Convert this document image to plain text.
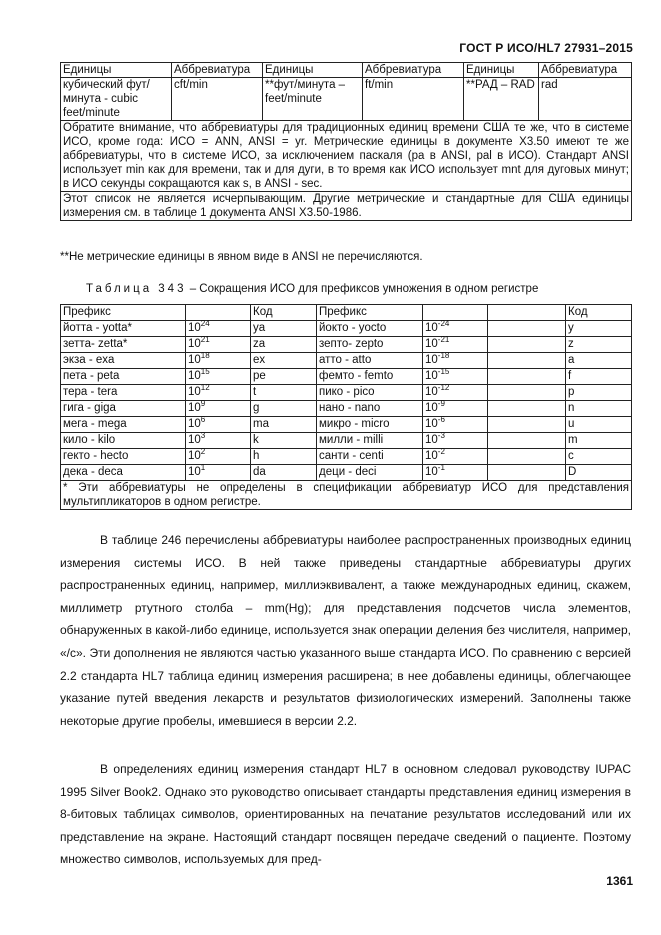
ГОСТ Р ИСО/HL7 27931–2015
Единицы	Аббревиатура	Единицы	Аббревиатура	Единицы	Аббревиатура
кубический фут/минута - cubic feet/minute	cft/min	**фут/минута – feet/minute	ft/min	**РАД – RAD	rad
Обратите внимание, что аббревиатуры для традиционных единиц времени США те же, что в системе ИСО, кроме года: ИСО = ANN, ANSI = yr. Метрические единицы в документе X3.50 имеют те же аббревиатуры, что в системе ИСО, за исключением паскаля (ра в ANSI, pal в ИСО). Стандарт ANSI использует min как для времени, так и для дуги, в то время как ИСО использует mnt для дуговых минут; в ИСО секунды сокращаются как s, в ANSI - sec.					
Этот список не является исчерпывающим. Другие метрические и стандартные для США единицы измерения см. в таблице 1 документа ANSI X3.50-1986.					
**Не метрические единицы в явном виде в ANSI не перечисляются.
Таблица 343 – Сокращения ИСО для префиксов умножения в одном регистре
Префикс		Код	Префикс			Код
йотта - yotta*	$10^{24}$	ya	йокто - yocto	$10^{-24}$		y
зетта- zetta*	$10^{21}$	za	зепто- zepto	$10^{-21}$		z
экза - exa	$10^{18}$	ex	атто - atto	$10^{-18}$		a
пета - peta	$10^{15}$	pe	фемто - femto	$10^{-15}$		f
тера - tera	$10^{12}$	t	пико - pico	$10^{-12}$		p
гига - giga	$10^9$	g	нано - nano	$10^{-9}$		n
мега - mega	$10^6$	ma	микро - micro	$10^{-6}$		u
кило - kilo	$10^3$	k	милли - milli	$10^{-3}$		m
гекто - hecto	$10^2$	h	санти - centi	$10^{-2}$		c
дека - deca	$10^1$	da	деци - deci	$10^{-1}$		D
* Эти аббревиатуры не определены в спецификации аббревиатур ИСО для представления мультипликаторов в одном регистре.						

В таблице 246 перечислены аббревиатуры наиболее распространенных производных единиц измерения системы ИСО. В ней также приведены стандартные аббревиатуры других распространенных единиц, например, миллиэквивалент, а также международных единиц, скажем, миллиметр ртутного столба – mm(Hg); для представления подсчетов числа элементов, обнаруженных в какой-либо единице, используется знак операции деления без числителя, например, «/с». Эти дополнения не являются частью указанного выше стандарта ИСО. По сравнению с версией 2.2 стандарта HL7 таблица единиц измерения расширена; в нее добавлены единицы, облегчающее указание путей введения лекарств и результатов физиологических измерений. Заполнены также некоторые другие пробелы, имевшиеся в версии 2.2.

В определениях единиц измерения стандарт HL7 в основном следовал руководству IUPAC 1995 Silver Book2. Однако это руководство описывает стандарты представления единиц измерения в 8-битовых таблицах символов, ориентированных на печатание результатов исследований или их представление на экране. Настоящий стандарт посвящен передаче сведений о пациенте. Поэтому множество символов, используемых для пред-

1361
